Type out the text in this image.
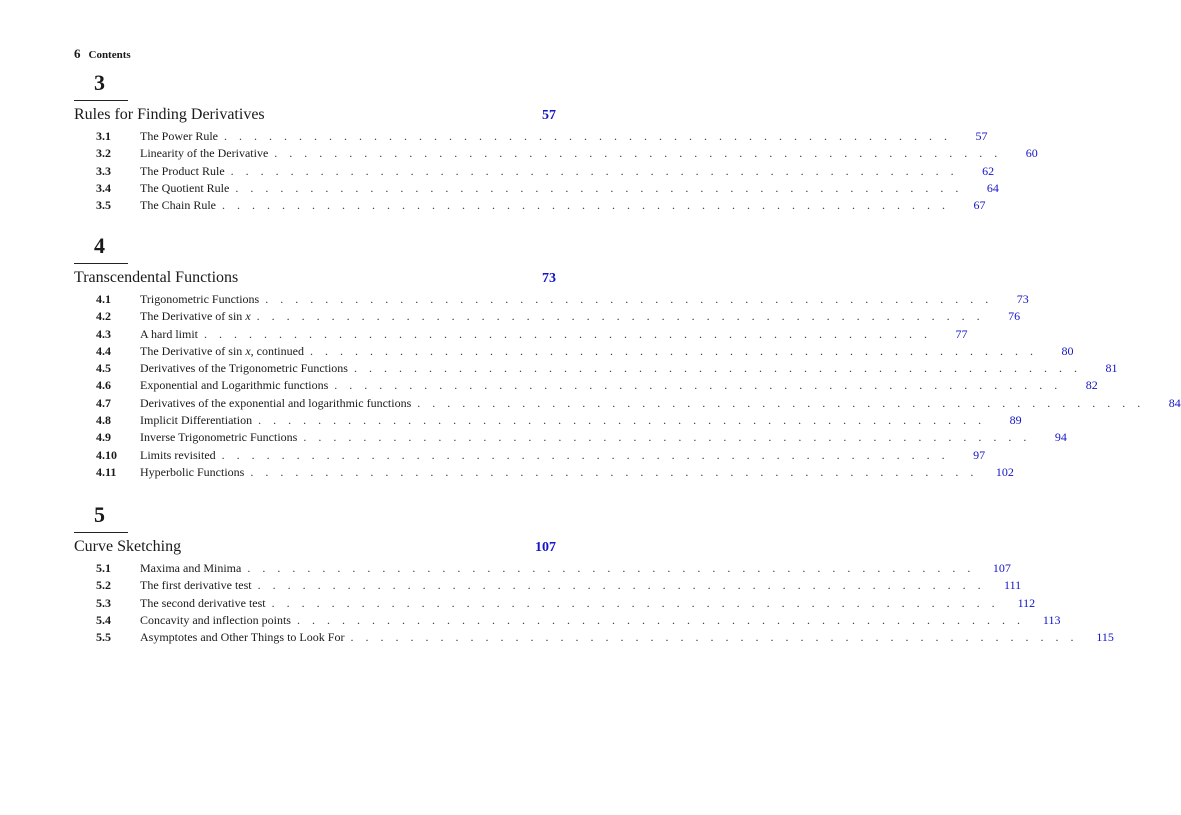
6 Contents
3
Rules for Finding Derivatives	57
3.1	The Power Rule . . . . . . . . . . . . . . . . . . . . . . . . . . . . . . . . . . . . . . . . . . . . . . . . .	57
3.2	Linearity of the Derivative . . . . . . . . . . . . . . . . . . . . . . . . . . . . . . . . . . . . . . . . . . . . . . . . .	60
3.3	The Product Rule . . . . . . . . . . . . . . . . . . . . . . . . . . . . . . . . . . . . . . . . . . . . . . . . .	62
3.4	The Quotient Rule . . . . . . . . . . . . . . . . . . . . . . . . . . . . . . . . . . . . . . . . . . . . . . . . .	64
3.5	The Chain Rule . . . . . . . . . . . . . . . . . . . . . . . . . . . . . . . . . . . . . . . . . . . . . . . . .	67
4
Transcendental Functions	73
4.1	Trigonometric Functions . . . . . . . . . . . . . . . . . . . . . . . . . . . . . . . . . . . . . . . . . . . . . . . . .	73
4.2	The Derivative of sin x . . . . . . . . . . . . . . . . . . . . . . . . . . . . . . . . . . . . . . . . . . . . . . . . .	76
4.3	A hard limit . . . . . . . . . . . . . . . . . . . . . . . . . . . . . . . . . . . . . . . . . . . . . . . . .	77
4.4	The Derivative of sin x, continued . . . . . . . . . . . . . . . . . . . . . . . . . . . . . . . . . . . . . . . . . . . . . . . . .	80
4.5	Derivatives of the Trigonometric Functions . . . . . . . . . . . . . . . . . . . . . . . . . . . . . . . . . . . . . . . . . . . . . . . . .	81
4.6	Exponential and Logarithmic functions . . . . . . . . . . . . . . . . . . . . . . . . . . . . . . . . . . . . . . . . . . . . . . . . .	82
4.7	Derivatives of the exponential and logarithmic functions . . . . . . . . . . . . . . . . . . . . . . . . . . . . . . . . . . . . . . . . . . . . . . . . .	84
4.8	Implicit Differentiation . . . . . . . . . . . . . . . . . . . . . . . . . . . . . . . . . . . . . . . . . . . . . . . . .	89
4.9	Inverse Trigonometric Functions . . . . . . . . . . . . . . . . . . . . . . . . . . . . . . . . . . . . . . . . . . . . . . . . .	94
4.10	Limits revisited . . . . . . . . . . . . . . . . . . . . . . . . . . . . . . . . . . . . . . . . . . . . . . . . .	97
4.11	Hyperbolic Functions . . . . . . . . . . . . . . . . . . . . . . . . . . . . . . . . . . . . . . . . . . . . . . . . .	102
5
Curve Sketching	107
5.1	Maxima and Minima . . . . . . . . . . . . . . . . . . . . . . . . . . . . . . . . . . . . . . . . . . . . . . . . .	107
5.2	The first derivative test . . . . . . . . . . . . . . . . . . . . . . . . . . . . . . . . . . . . . . . . . . . . . . . . .	111
5.3	The second derivative test . . . . . . . . . . . . . . . . . . . . . . . . . . . . . . . . . . . . . . . . . . . . . . . . .	112
5.4	Concavity and inflection points . . . . . . . . . . . . . . . . . . . . . . . . . . . . . . . . . . . . . . . . . . . . . . . . .	113
5.5	Asymptotes and Other Things to Look For . . . . . . . . . . . . . . . . . . . . . . . . . . . . . . . . . . . . . . . . . . . . . . . . .	115
